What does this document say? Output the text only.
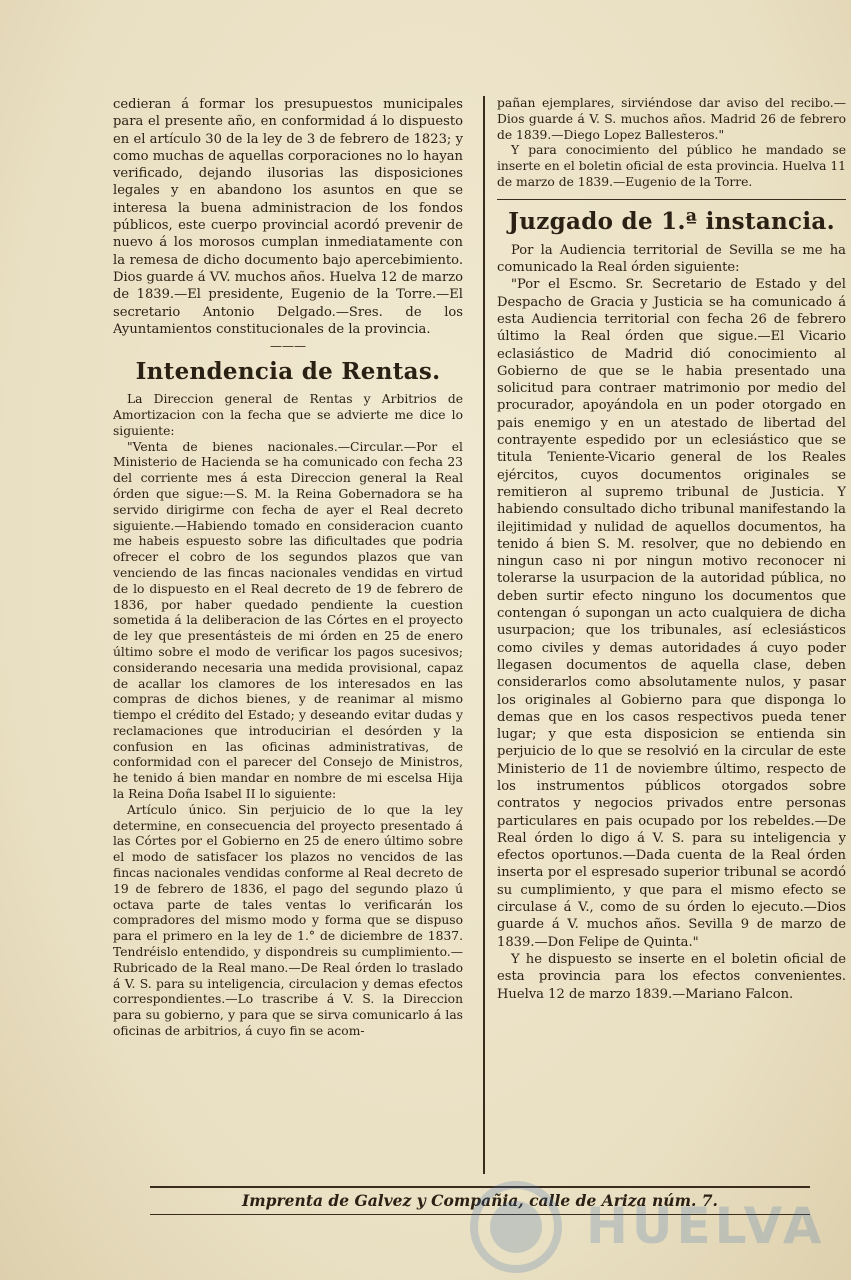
cedieran á formar los presupuestos municipales para el presente año, en conformidad á lo dispuesto en el artículo 30 de la ley de 3 de febrero de 1823; y como muchas de aquellas corporaciones no lo hayan verificado, dejando ilusorias las disposiciones legales y en abandono los asuntos en que se interesa la buena administracion de los fondos públicos, este cuerpo provincial acordó prevenir de nuevo á los morosos cumplan inmediatamente con la remesa de dicho documento bajo apercebimiento. Dios guarde á VV. muchos años. Huelva 12 de marzo de 1839.—El presidente, Eugenio de la Torre.—El secretario Antonio Delgado.—Sres. de los Ayuntamientos constitucionales de la provincia.

———
Intendencia de Rentas.

La Direccion general de Rentas y Arbitrios de Amortizacion con la fecha que se advierte me dice lo siguiente:

"Venta de bienes nacionales.—Circular.—Por el Ministerio de Hacienda se ha comunicado con fecha 23 del corriente mes á esta Direccion general la Real órden que sigue:—S. M. la Reina Gobernadora se ha servido dirigirme con fecha de ayer el Real decreto siguiente.—Habiendo tomado en consideracion cuanto me habeis espuesto sobre las dificultades que podria ofrecer el cobro de los segundos plazos que van venciendo de las fincas nacionales vendidas en virtud de lo dispuesto en el Real decreto de 19 de febrero de 1836, por haber quedado pendiente la cuestion sometida á la deliberacion de las Córtes en el proyecto de ley que presentásteis de mi órden en 25 de enero último sobre el modo de verificar los pagos sucesivos; considerando necesaria una medida provisional, capaz de acallar los clamores de los interesados en las compras de dichos bienes, y de reanimar al mismo tiempo el crédito del Estado; y deseando evitar dudas y reclamaciones que introducirian el desórden y la confusion en las oficinas administrativas, de conformidad con el parecer del Consejo de Ministros, he tenido á bien mandar en nombre de mi escelsa Hija la Reina Doña Isabel II lo siguiente:

Artículo único. Sin perjuicio de lo que la ley determine, en consecuencia del proyecto presentado á las Córtes por el Gobierno en 25 de enero último sobre el modo de satisfacer los plazos no vencidos de las fincas nacionales vendidas conforme al Real decreto de 19 de febrero de 1836, el pago del segundo plazo ú octava parte de tales ventas lo verificarán los compradores del mismo modo y forma que se dispuso para el primero en la ley de 1.° de diciembre de 1837. Tendréislo entendido, y dispondreis su cumplimiento.—Rubricado de la Real mano.—De Real órden lo traslado á V. S. para su inteligencia, circulacion y demas efectos correspondientes.—Lo trascribe á V. S. la Direccion para su gobierno, y para que se sirva comunicarlo á las oficinas de arbitrios, á cuyo fin se acom-

pañan ejemplares, sirviéndose dar aviso del recibo.—Dios guarde á V. S. muchos años. Madrid 26 de febrero de 1839.—Diego Lopez Ballesteros."

Y para conocimiento del público he mandado se inserte en el boletin oficial de esta provincia. Huelva 11 de marzo de 1839.—Eugenio de la Torre.

Juzgado de 1.ª instancia.

Por la Audiencia territorial de Sevilla se me ha comunicado la Real órden siguiente:

"Por el Escmo. Sr. Secretario de Estado y del Despacho de Gracia y Justicia se ha comunicado á esta Audiencia territorial con fecha 26 de febrero último la Real órden que sigue.—El Vicario eclasiástico de Madrid dió conocimiento al Gobierno de que se le habia presentado una solicitud para contraer matrimonio por medio del procurador, apoyándola en un poder otorgado en pais enemigo y en un atestado de libertad del contrayente espedido por un eclesiástico que se titula Teniente-Vicario general de los Reales ejércitos, cuyos documentos originales se remitieron al supremo tribunal de Justicia. Y habiendo consultado dicho tribunal manifestando la ilejitimidad y nulidad de aquellos documentos, ha tenido á bien S. M. resolver, que no debiendo en ningun caso ni por ningun motivo reconocer ni tolerarse la usurpacion de la autoridad pública, no deben surtir efecto ninguno los documentos que contengan ó supongan un acto cualquiera de dicha usurpacion; que los tribunales, así eclesiásticos como civiles y demas autoridades á cuyo poder llegasen documentos de aquella clase, deben considerarlos como absolutamente nulos, y pasar los originales al Gobierno para que disponga lo demas que en los casos respectivos pueda tener lugar; y que esta disposicion se entienda sin perjuicio de lo que se resolvió en la circular de este Ministerio de 11 de noviembre último, respecto de los instrumentos públicos otorgados sobre contratos y negocios privados entre personas particulares en pais ocupado por los rebeldes.—De Real órden lo digo á V. S. para su inteligencia y efectos oportunos.—Dada cuenta de la Real órden inserta por el espresado superior tribunal se acordó su cumplimiento, y que para el mismo efecto se circulase á V., como de su órden lo ejecuto.—Dios guarde á V. muchos años. Sevilla 9 de marzo de 1839.—Don Felipe de Quinta."

Y he dispuesto se inserte en el boletin oficial de esta provincia para los efectos convenientes. Huelva 12 de marzo 1839.—Mariano Falcon.

Imprenta de Galvez y Compañia, calle de Ariza núm. 7.
HUELVA
